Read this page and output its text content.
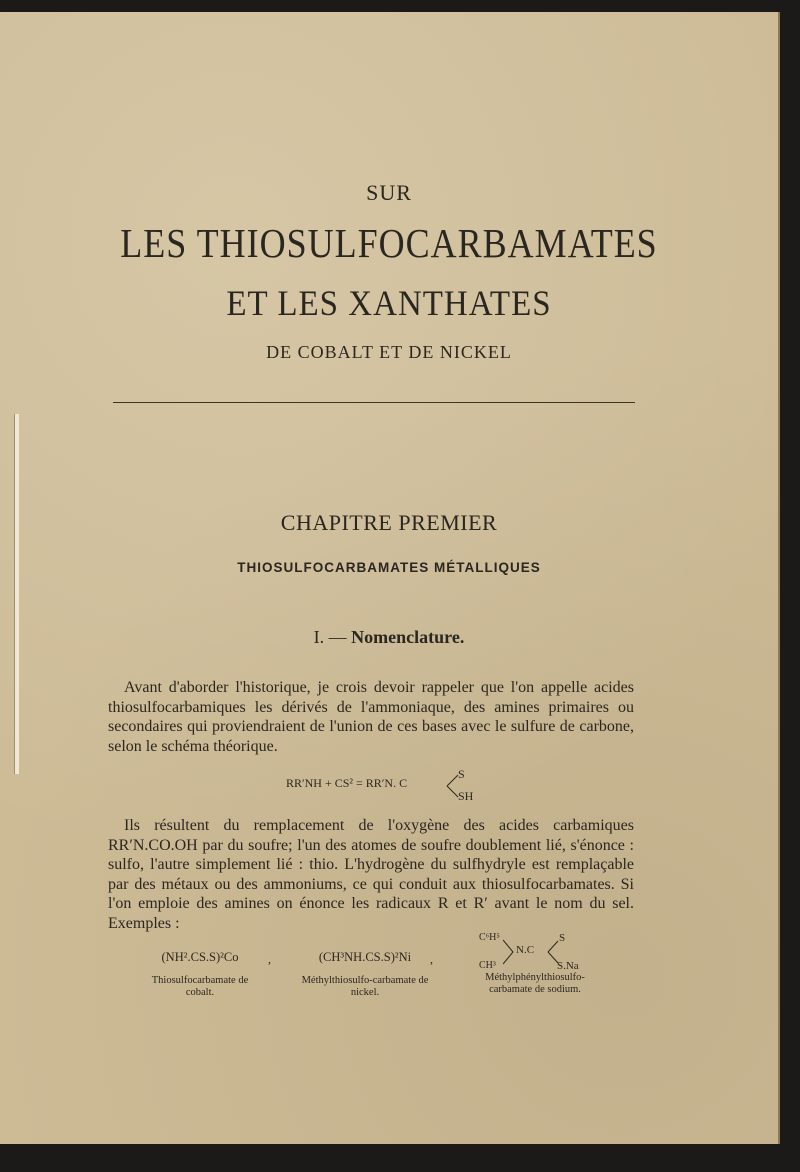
SUR
LES THIOSULFOCARBAMATES
ET LES XANTHATES
DE COBALT ET DE NICKEL
CHAPITRE PREMIER
THIOSULFOCARBAMATES MÉTALLIQUES
I. — Nomenclature.
Avant d'aborder l'historique, je crois devoir rappeler que l'on appelle acides thiosulfocarbamiques les dérivés de l'ammoniaque, des amines primaires ou secondaires qui proviendraient de l'union de ces bases avec le sulfure de carbone, selon le schéma théorique.
RR′NH + CS² = RR′N. C
S
SH
Ils résultent du remplacement de l'oxygène des acides carbamiques RR′N.CO.OH par du soufre; l'un des atomes de soufre doublement lié, s'énonce : sulfo, l'autre simplement lié : thio. L'hydrogène du sulfhydryle est remplaçable par des métaux ou des ammoniums, ce qui conduit aux thiosulfocarbamates. Si l'on emploie des amines on énonce les radicaux R et R′ avant le nom du sel. Exemples :
(NH².CS.S)²Co
Thiosulfocarbamate de cobalt.
,	(CH³NH.CS.S)²Ni
Méthylthiosulfo-carbamate de nickel.
,
C⁶H⁵
CH³
N.C
S
S.Na
Méthylphénylthiosulfo-carbamate de sodium.
